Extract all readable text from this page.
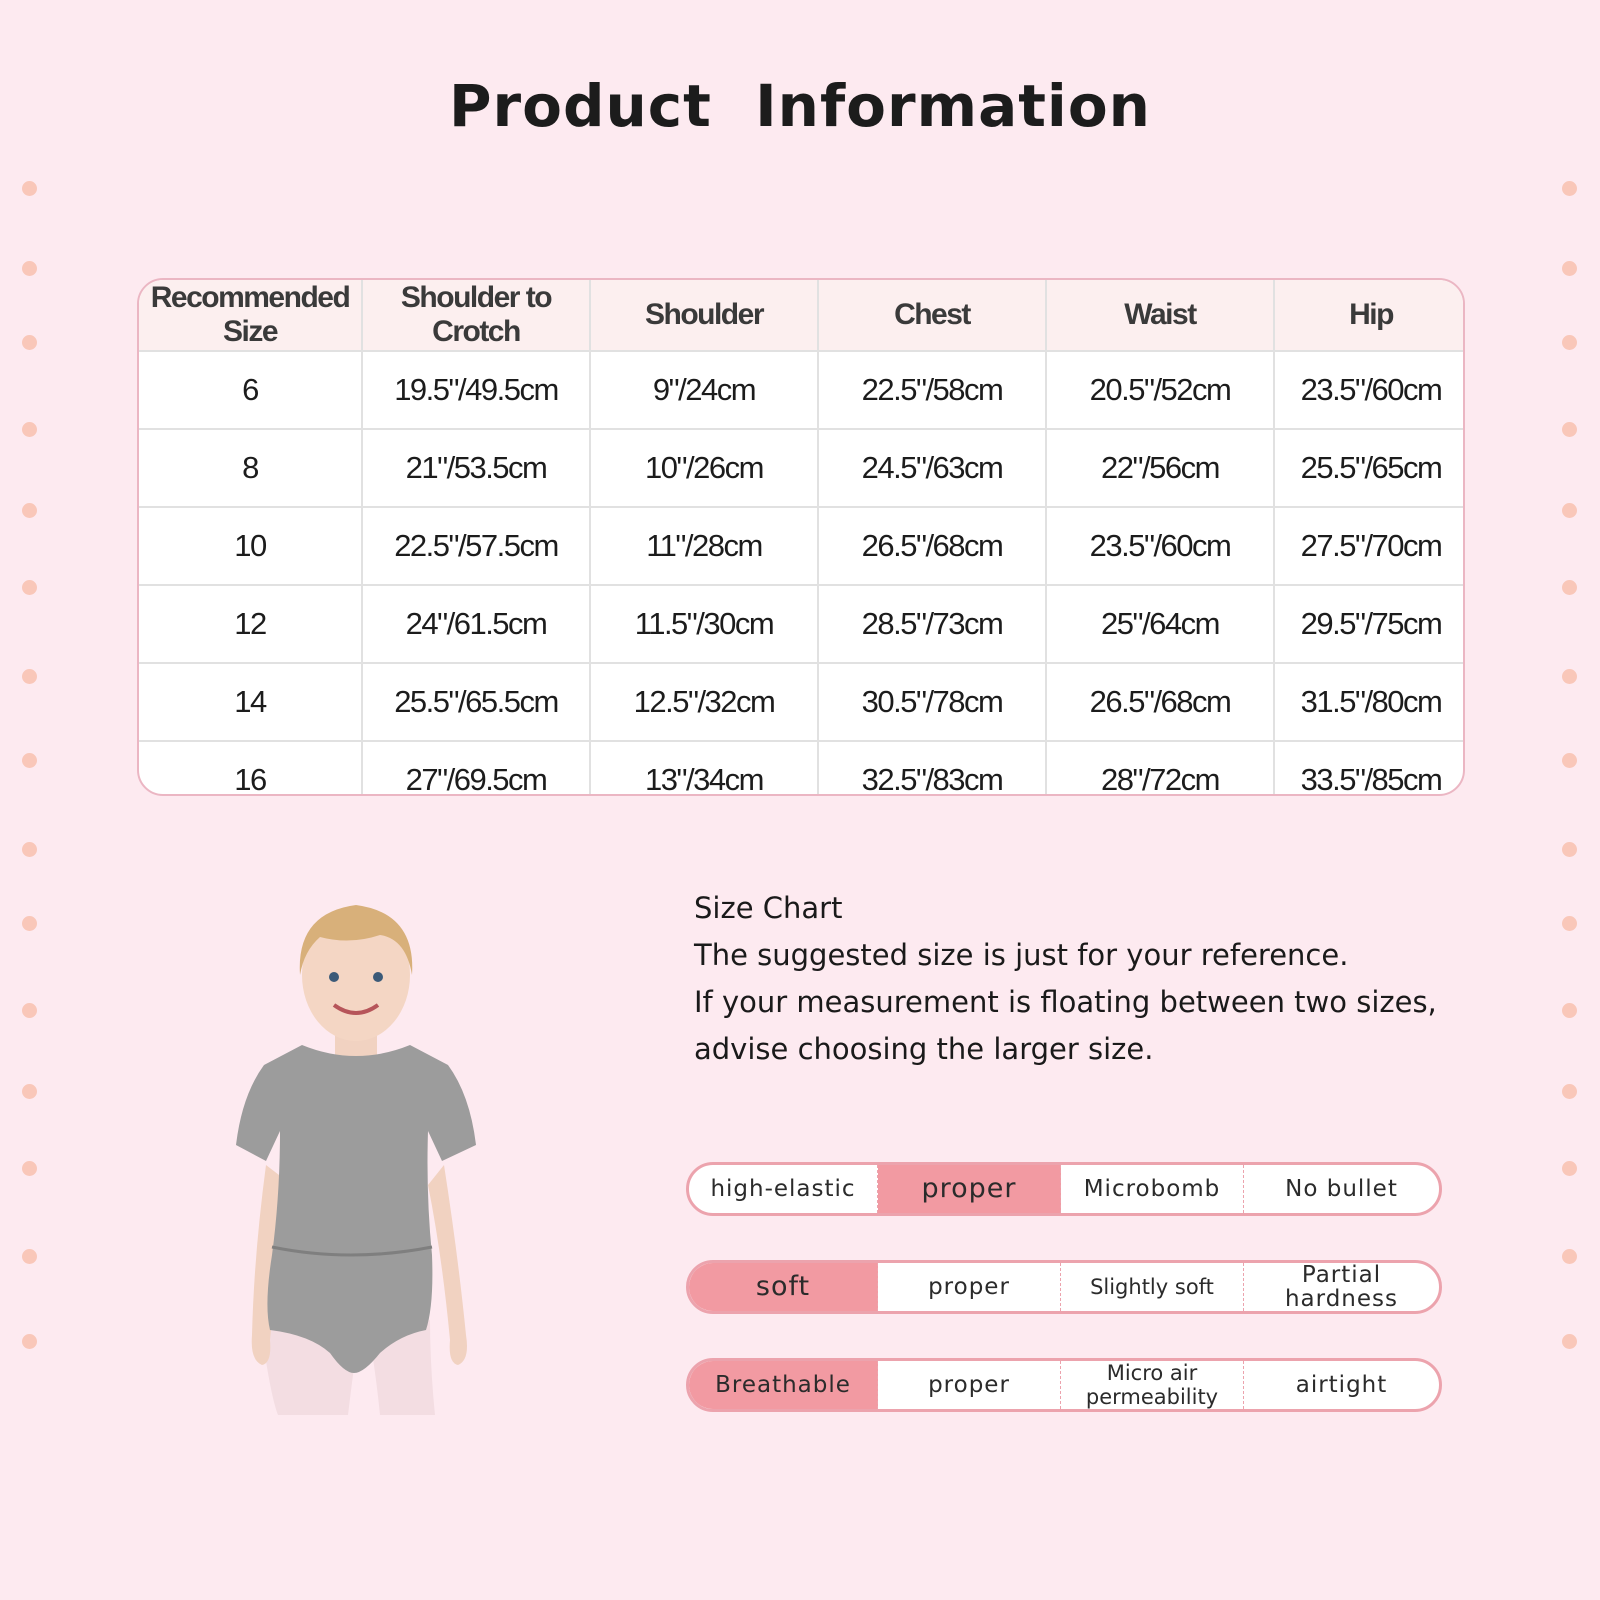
Product Information
Recommended Size	Shoulder to Crotch	Shoulder	Chest	Waist	Hip
6	19.5"/49.5cm	9"/24cm	22.5"/58cm	20.5"/52cm	23.5"/60cm
8	21"/53.5cm	10"/26cm	24.5"/63cm	22"/56cm	25.5"/65cm
10	22.5"/57.5cm	11"/28cm	26.5"/68cm	23.5"/60cm	27.5"/70cm
12	24"/61.5cm	11.5"/30cm	28.5"/73cm	25"/64cm	29.5"/75cm
14	25.5"/65.5cm	12.5"/32cm	30.5"/78cm	26.5"/68cm	31.5"/80cm
16	27"/69.5cm	13"/34cm	32.5"/83cm	28"/72cm	33.5"/85cm
Size Chart
The suggested size is just for your reference.
If your measurement is floating between two sizes,
advise choosing the larger size.
high-elastic	proper	Microbomb	No bullet
soft	proper	Slightly soft	Partial hardness
Breathable	proper	Micro air permeability	airtight
